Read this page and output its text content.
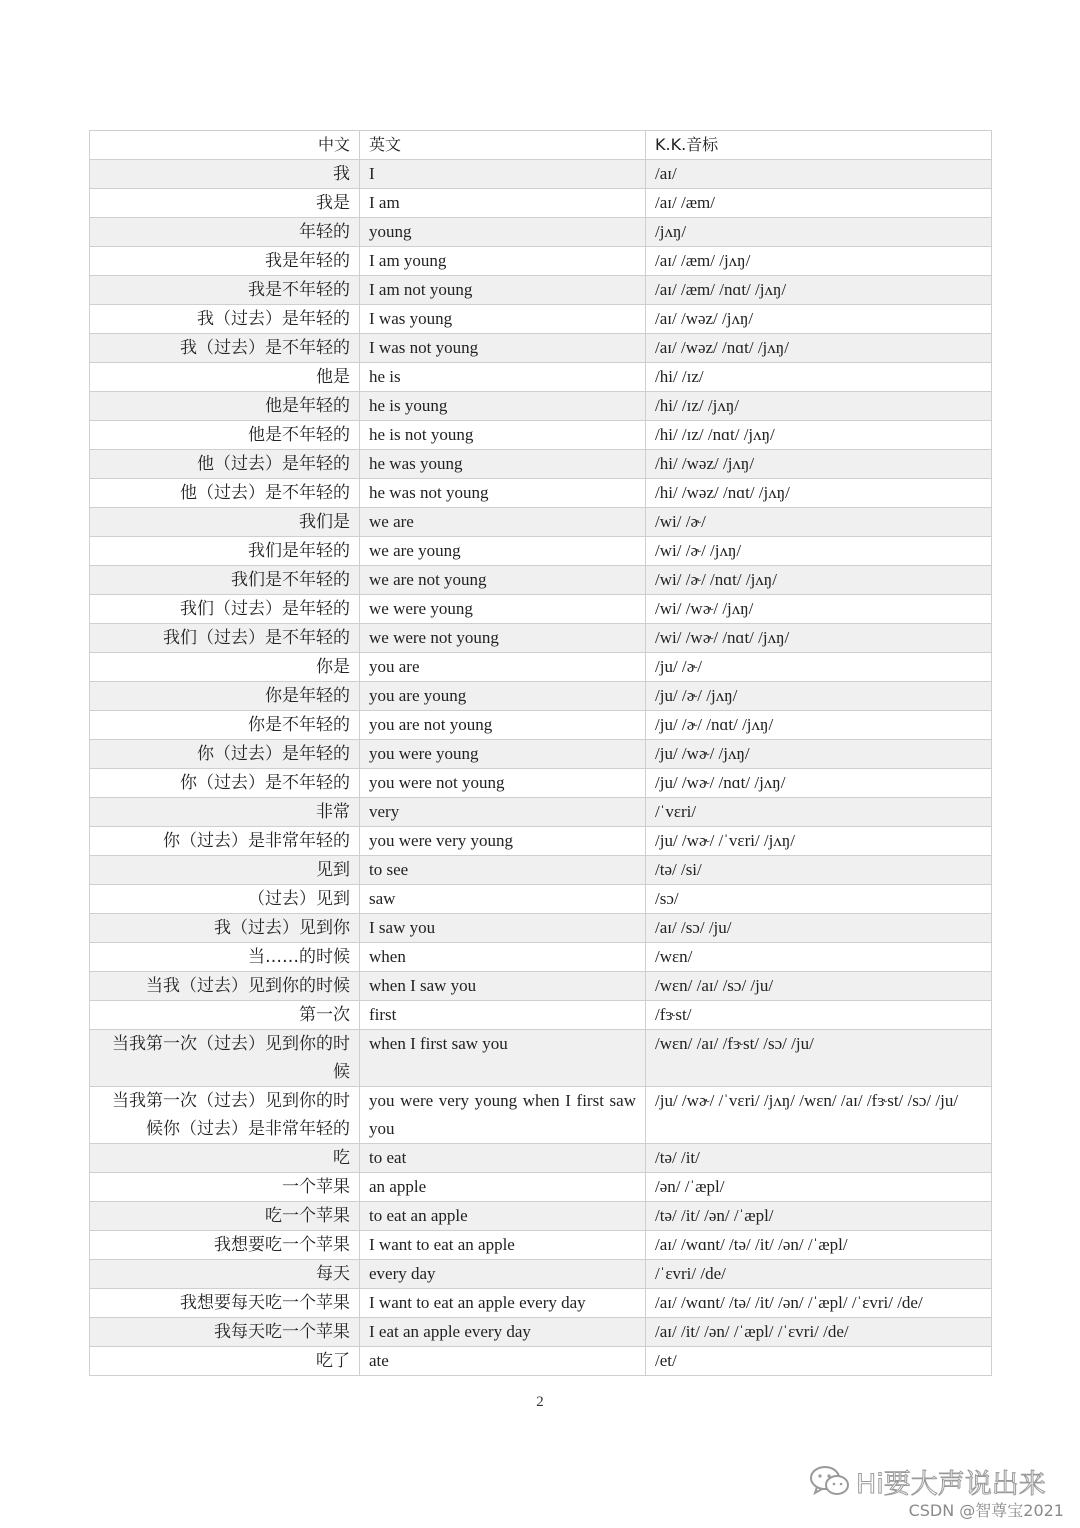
中文	英文	K.K.音标
我	I	/aɪ/
我是	I am	/aɪ/ /æm/
年轻的	young	/jʌŋ/
我是年轻的	I am young	/aɪ/ /æm/ /jʌŋ/
我是不年轻的	I am not young	/aɪ/ /æm/ /nɑt/ /jʌŋ/
我（过去）是年轻的	I was young	/aɪ/ /wəz/ /jʌŋ/
我（过去）是不年轻的	I was not young	/aɪ/ /wəz/ /nɑt/ /jʌŋ/
他是	he is	/hi/ /ɪz/
他是年轻的	he is young	/hi/ /ɪz/ /jʌŋ/
他是不年轻的	he is not young	/hi/ /ɪz/ /nɑt/ /jʌŋ/
他（过去）是年轻的	he was young	/hi/ /wəz/ /jʌŋ/
他（过去）是不年轻的	he was not young	/hi/ /wəz/ /nɑt/ /jʌŋ/
我们是	we are	/wi/ /ɚ/
我们是年轻的	we are young	/wi/ /ɚ/ /jʌŋ/
我们是不年轻的	we are not young	/wi/ /ɚ/ /nɑt/ /jʌŋ/
我们（过去）是年轻的	we were young	/wi/ /wɚ/ /jʌŋ/
我们（过去）是不年轻的	we were not young	/wi/ /wɚ/ /nɑt/ /jʌŋ/
你是	you are	/ju/ /ɚ/
你是年轻的	you are young	/ju/ /ɚ/ /jʌŋ/
你是不年轻的	you are not young	/ju/ /ɚ/ /nɑt/ /jʌŋ/
你（过去）是年轻的	you were young	/ju/ /wɚ/ /jʌŋ/
你（过去）是不年轻的	you were not young	/ju/ /wɚ/ /nɑt/ /jʌŋ/
非常	very	/ˈvɛri/
你（过去）是非常年轻的	you were very young	/ju/ /wɚ/ /ˈvɛri/ /jʌŋ/
见到	to see	/tə/ /si/
（过去）见到	saw	/sɔ/
我（过去）见到你	I saw you	/aɪ/ /sɔ/ /ju/
当……的时候	when	/wɛn/
当我（过去）见到你的时候	when I saw you	/wɛn/ /aɪ/ /sɔ/ /ju/
第一次	first	/fɝst/
当我第一次（过去）见到你的时候	when I first saw you	/wɛn/ /aɪ/ /fɝst/ /sɔ/ /ju/
当我第一次（过去）见到你的时候你（过去）是非常年轻的	you were very young when I first saw you	/ju/ /wɚ/ /ˈvɛri/ /jʌŋ/ /wɛn/ /aɪ/ /fɝst/ /sɔ/ /ju/
吃	to eat	/tə/ /it/
一个苹果	an apple	/ən/ /ˈæpl/
吃一个苹果	to eat an apple	/tə/ /it/ /ən/ /ˈæpl/
我想要吃一个苹果	I want to eat an apple	/aɪ/ /wɑnt/ /tə/ /it/ /ən/ /ˈæpl/
每天	every day	/ˈɛvri/ /de/
我想要每天吃一个苹果	I want to eat an apple every day	/aɪ/ /wɑnt/ /tə/ /it/ /ən/ /ˈæpl/ /ˈɛvri/ /de/
我每天吃一个苹果	I eat an apple every day	/aɪ/ /it/ /ən/ /ˈæpl/ /ˈɛvri/ /de/
吃了	ate	/et/
2
Hi要大声说出来
CSDN @智尊宝2021
